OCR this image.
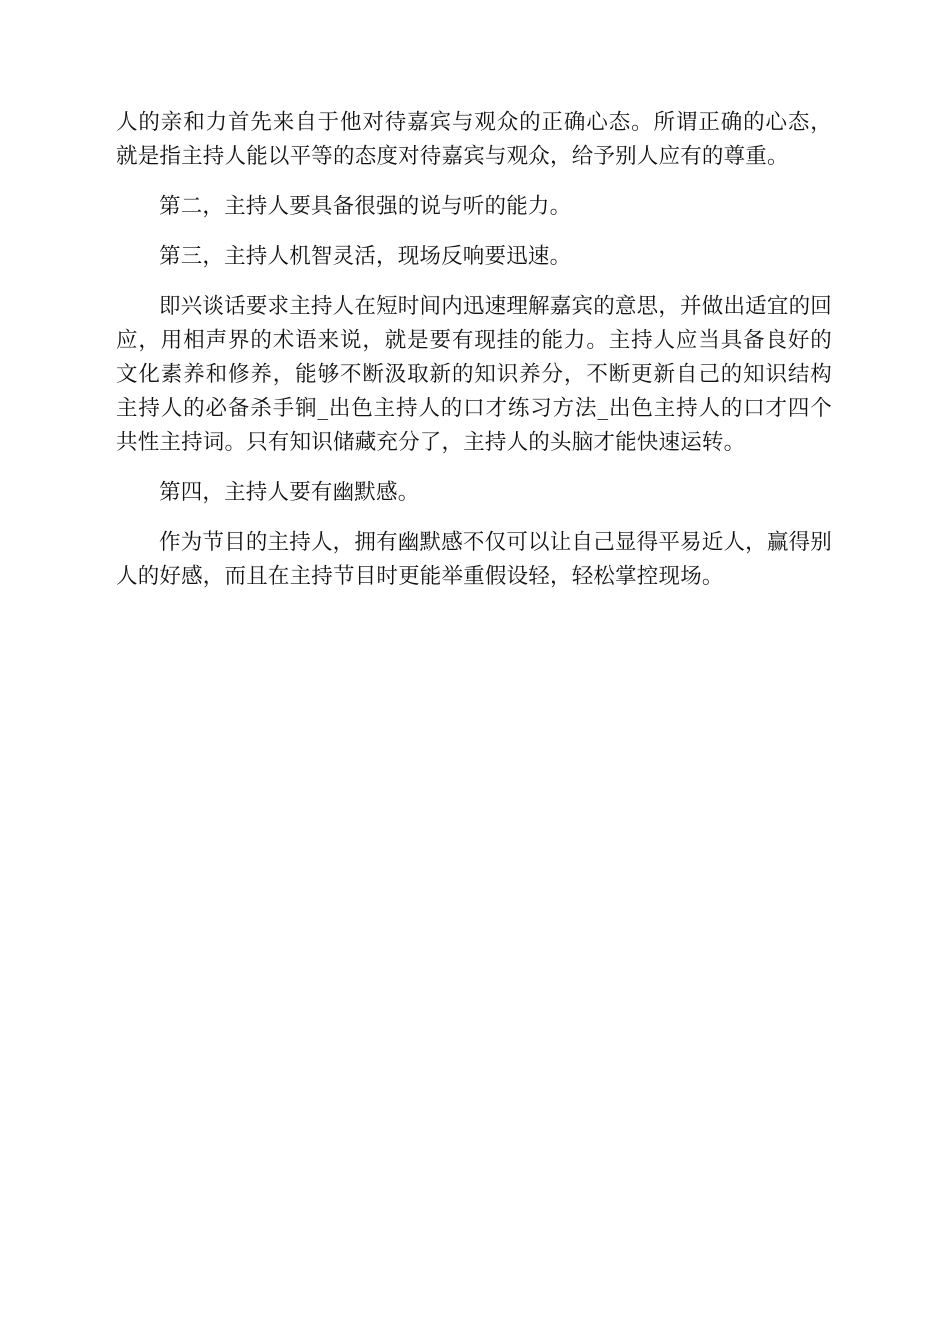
人的亲和力首先来自于他对待嘉宾与观众的正确心态。所谓正确的心态，就是指主持人能以平等的态度对待嘉宾与观众，给予别人应有的尊重。

第二，主持人要具备很强的说与听的能力。

第三，主持人机智灵活，现场反响要迅速。

即兴谈话要求主持人在短时间内迅速理解嘉宾的意思，并做出适宜的回应，用相声界的术语来说，就是要有现挂的能力。主持人应当具备良好的文化素养和修养，能够不断汲取新的知识养分，不断更新自己的知识结构主持人的必备杀手锏_出色主持人的口才练习方法_出色主持人的口才四个共性主持词。只有知识储藏充分了，主持人的头脑才能快速运转。

第四，主持人要有幽默感。

作为节目的主持人，拥有幽默感不仅可以让自己显得平易近人，赢得别人的好感，而且在主持节目时更能举重假设轻，轻松掌控现场。
